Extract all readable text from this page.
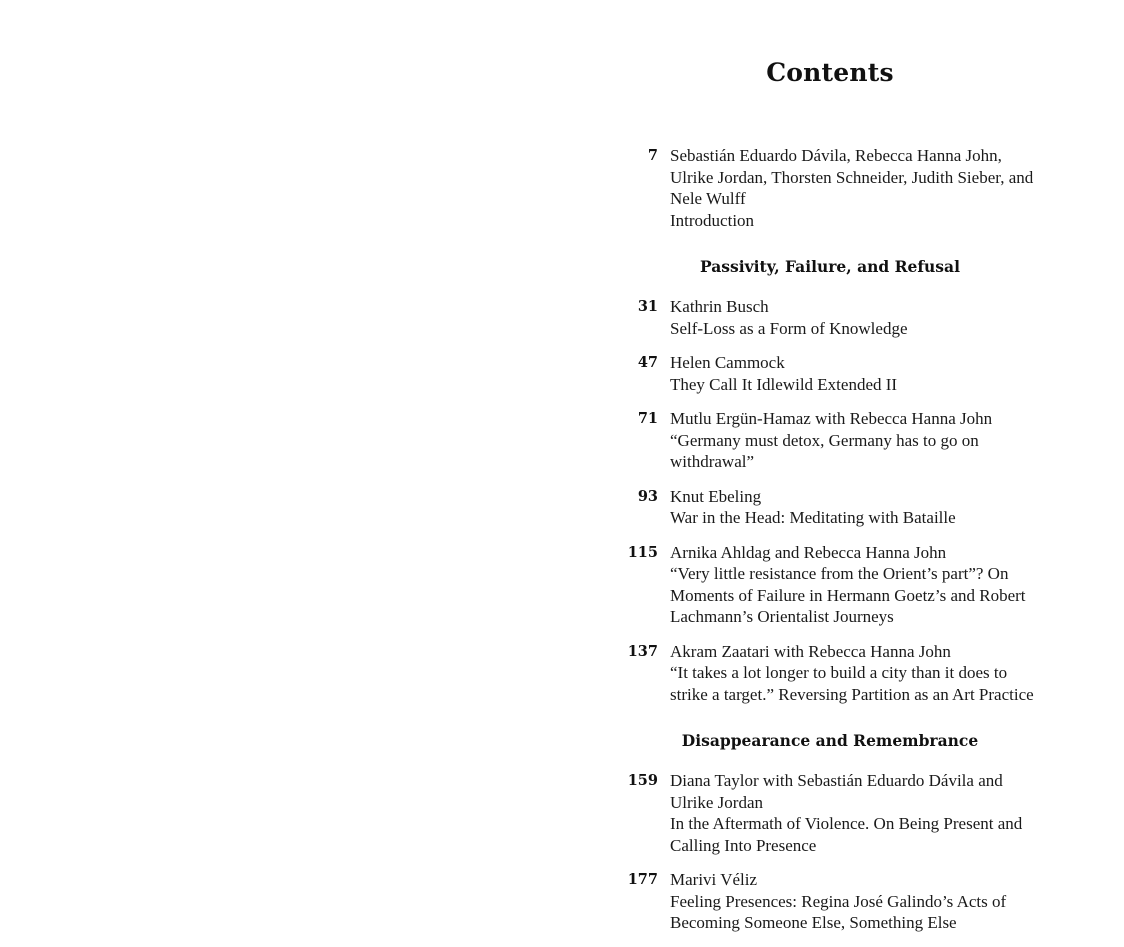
Contents
7 Sebastián Eduardo Dávila, Rebecca Hanna John, Ulrike Jordan, Thorsten Schneider, Judith Sieber, and Nele Wulff
Introduction
Passivity, Failure, and Refusal
31 Kathrin Busch
Self-Loss as a Form of Knowledge
47 Helen Cammock
They Call It Idlewild Extended II
71 Mutlu Ergün-Hamaz with Rebecca Hanna John
“Germany must detox, Germany has to go on withdrawal”
93 Knut Ebeling
War in the Head: Meditating with Bataille
115 Arnika Ahldag and Rebecca Hanna John
“Very little resistance from the Orient’s part”? On Moments of Failure in Hermann Goetz’s and Robert Lachmann’s Orientalist Journeys
137 Akram Zaatari with Rebecca Hanna John
“It takes a lot longer to build a city than it does to strike a target.” Reversing Partition as an Art Practice
Disappearance and Remembrance
159 Diana Taylor with Sebastián Eduardo Dávila and Ulrike Jordan
In the Aftermath of Violence. On Being Present and Calling Into Presence
177 Marivi Véliz
Feeling Presences: Regina José Galindo’s Acts of Becoming Someone Else, Something Else
